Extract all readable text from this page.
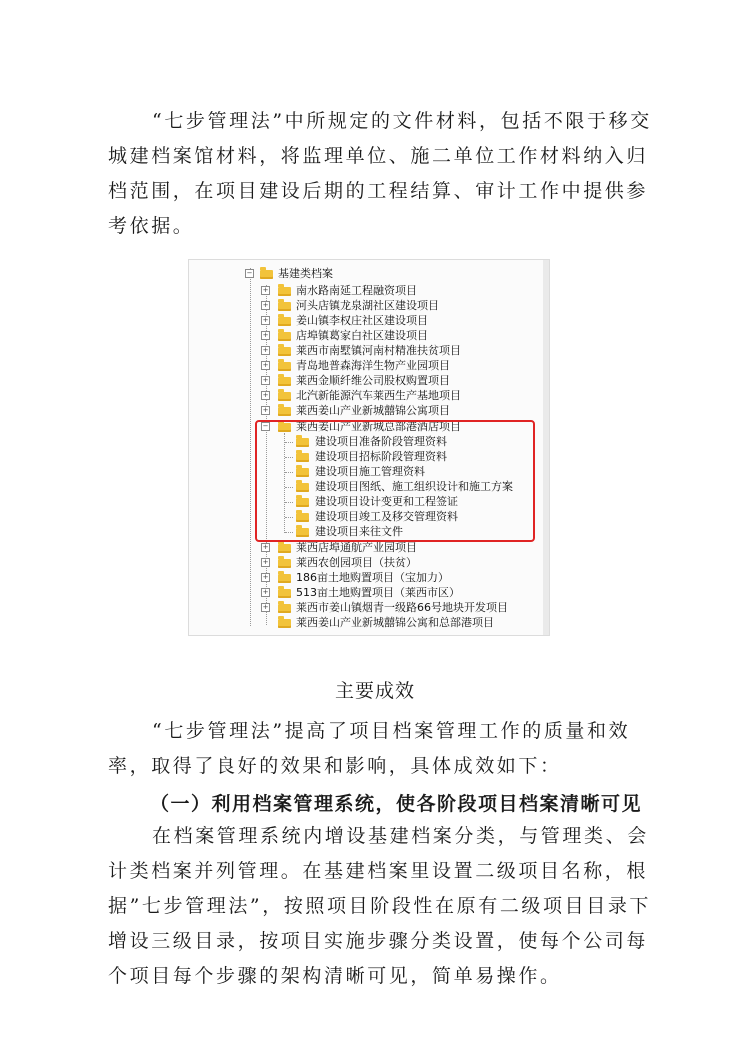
“七步管理法”中所规定的文件材料，包括不限于移交城建档案馆材料，将监理单位、施二单位工作材料纳入归档范围，在项目建设后期的工程结算、审计工作中提供参考依据。

− 基建类档案
+	南水路南延工程融资项目
+	河头店镇龙泉湖社区建设项目
+	姜山镇李权庄社区建设项目
+	店埠镇葛家白社区建设项目
+	莱西市南墅镇河南村精准扶贫项目
+	青岛地普森海洋生物产业园项目
+	莱西金顺纤维公司股权购置项目
+	北汽新能源汽车莱西生产基地项目
+	莱西姜山产业新城囍锦公寓项目
−	莱西姜山产业新城总部港酒店项目
建设项目准备阶段管理资料
建设项目招标阶段管理资料
建设项目施工管理资料
建设项目图纸、施工组织设计和施工方案
建设项目设计变更和工程签证
建设项目竣工及移交管理资料
建设项目来往文件
+	莱西店埠通航产业园项目
+	莱西农创园项目（扶贫）
+	186亩土地购置项目（宝加力）
+	513亩土地购置项目（莱西市区）
+	莱西市姜山镇烟青一级路66号地块开发项目
莱西姜山产业新城囍锦公寓和总部港项目
主要成效

“七步管理法”提高了项目档案管理工作的质量和效率，取得了良好的效果和影响，具体成效如下：

（一）利用档案管理系统，使各阶段项目档案清晰可见

在档案管理系统内增设基建档案分类，与管理类、会计类档案并列管理。在基建档案里设置二级项目名称，根据”七步管理法”，按照项目阶段性在原有二级项目目录下增设三级目录，按项目实施步骤分类设置，使每个公司每个项目每个步骤的架构清晰可见，简单易操作。
